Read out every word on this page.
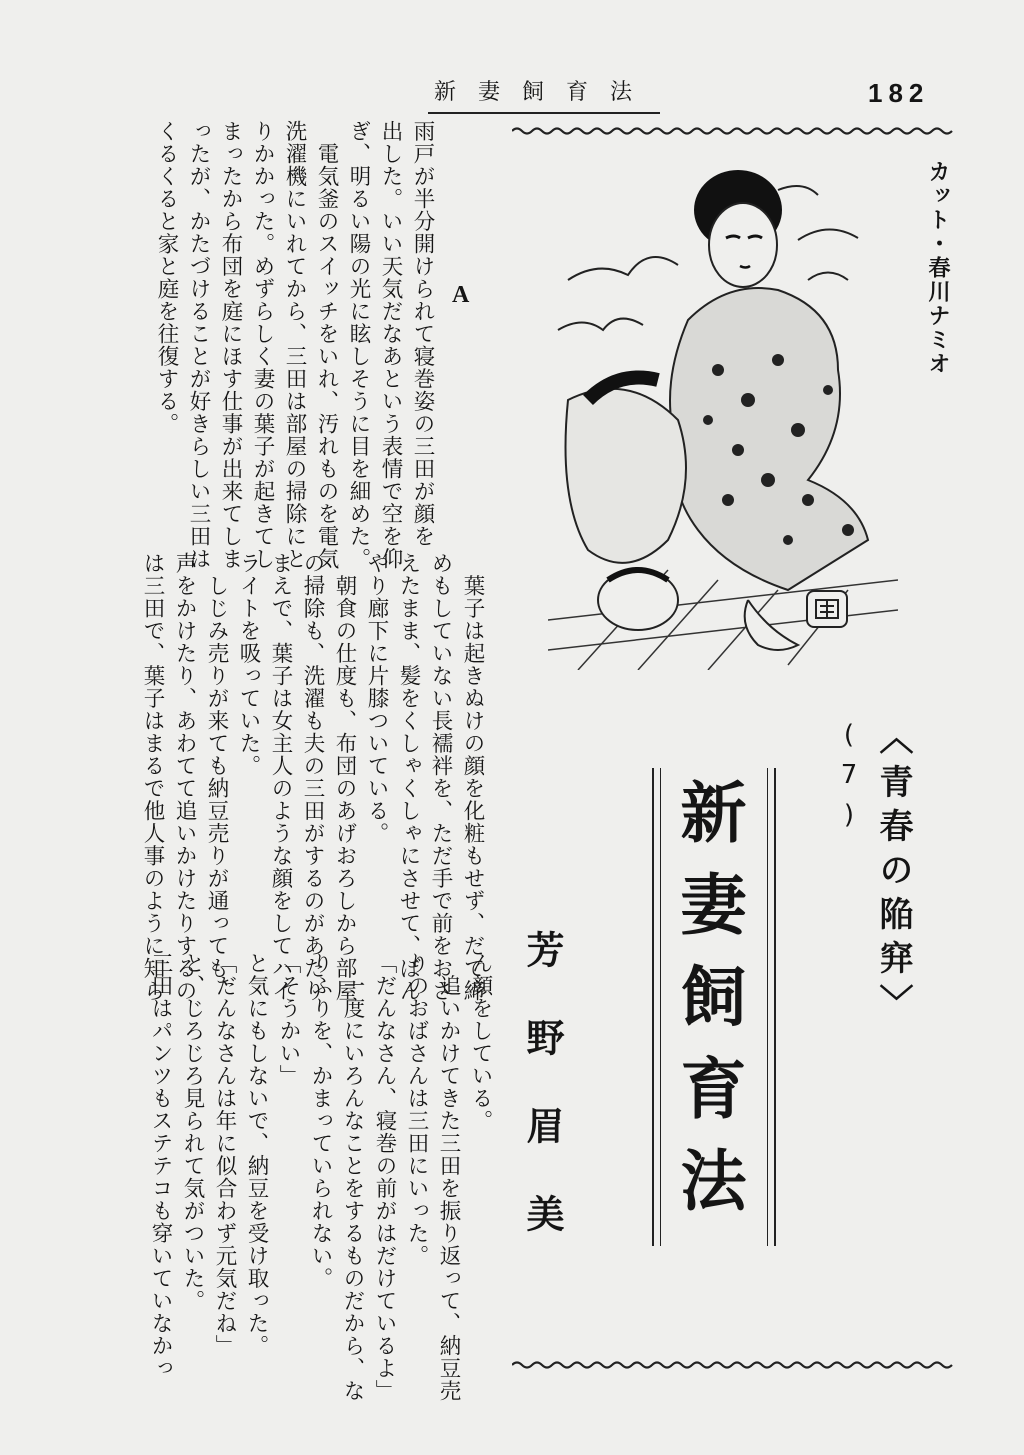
新妻飼育法	182
カット・春川ナミオ
〈青春の陥穽〉 (7)
新妻飼育法
芳野眉美
A
雨戸が半分開けられて寝巻姿の三田が顔を
出した。いい天気だなあという表情で空を仰
ぎ、明るい陽の光に眩しそうに目を細めた。
　電気釜のスイッチをいれ、汚れものを電気
洗濯機にいれてから、三田は部屋の掃除にと
りかかった。めずらしく妻の葉子が起きてし
まったから布団を庭にほす仕事が出来てしま
ったが、かたづけることが好きらしい三田は
くるくると家と庭を往復する。
　葉子は起きぬけの顔を化粧もせず、だて締
めもしていない長襦袢を、ただ手で前をおさ
えたまま、髪をくしゃくしゃにさせて、ぼん
やり廊下に片膝ついている。
　朝食の仕度も、布団のあげおろしから部屋
の掃除も、洗濯も夫の三田がするのがあたり
まえで、葉子は女主人のような顔をしてハイ
ライトを吸っていた。
　しじみ売りが来ても納豆売りが通っても、
声をかけたり、あわてて追いかけたりするの
は三田で、葉子はまるで他人事のように知ら
ん顔をしている。
　追いかけてきた三田を振り返って、納豆売
りのおばさんは三田にいった。
「だんなさん、寝巻の前がはだけているよ」
　一度にいろんなことをするものだから、な
りふりを、かまっていられない。
「そうかい」
と気にもしないで、納豆を受け取った。
「だんなさんは年に似合わず元気だね」
と、じろじろ見られて気がついた。
三田はパンツもステテコも穿いていなかっ
